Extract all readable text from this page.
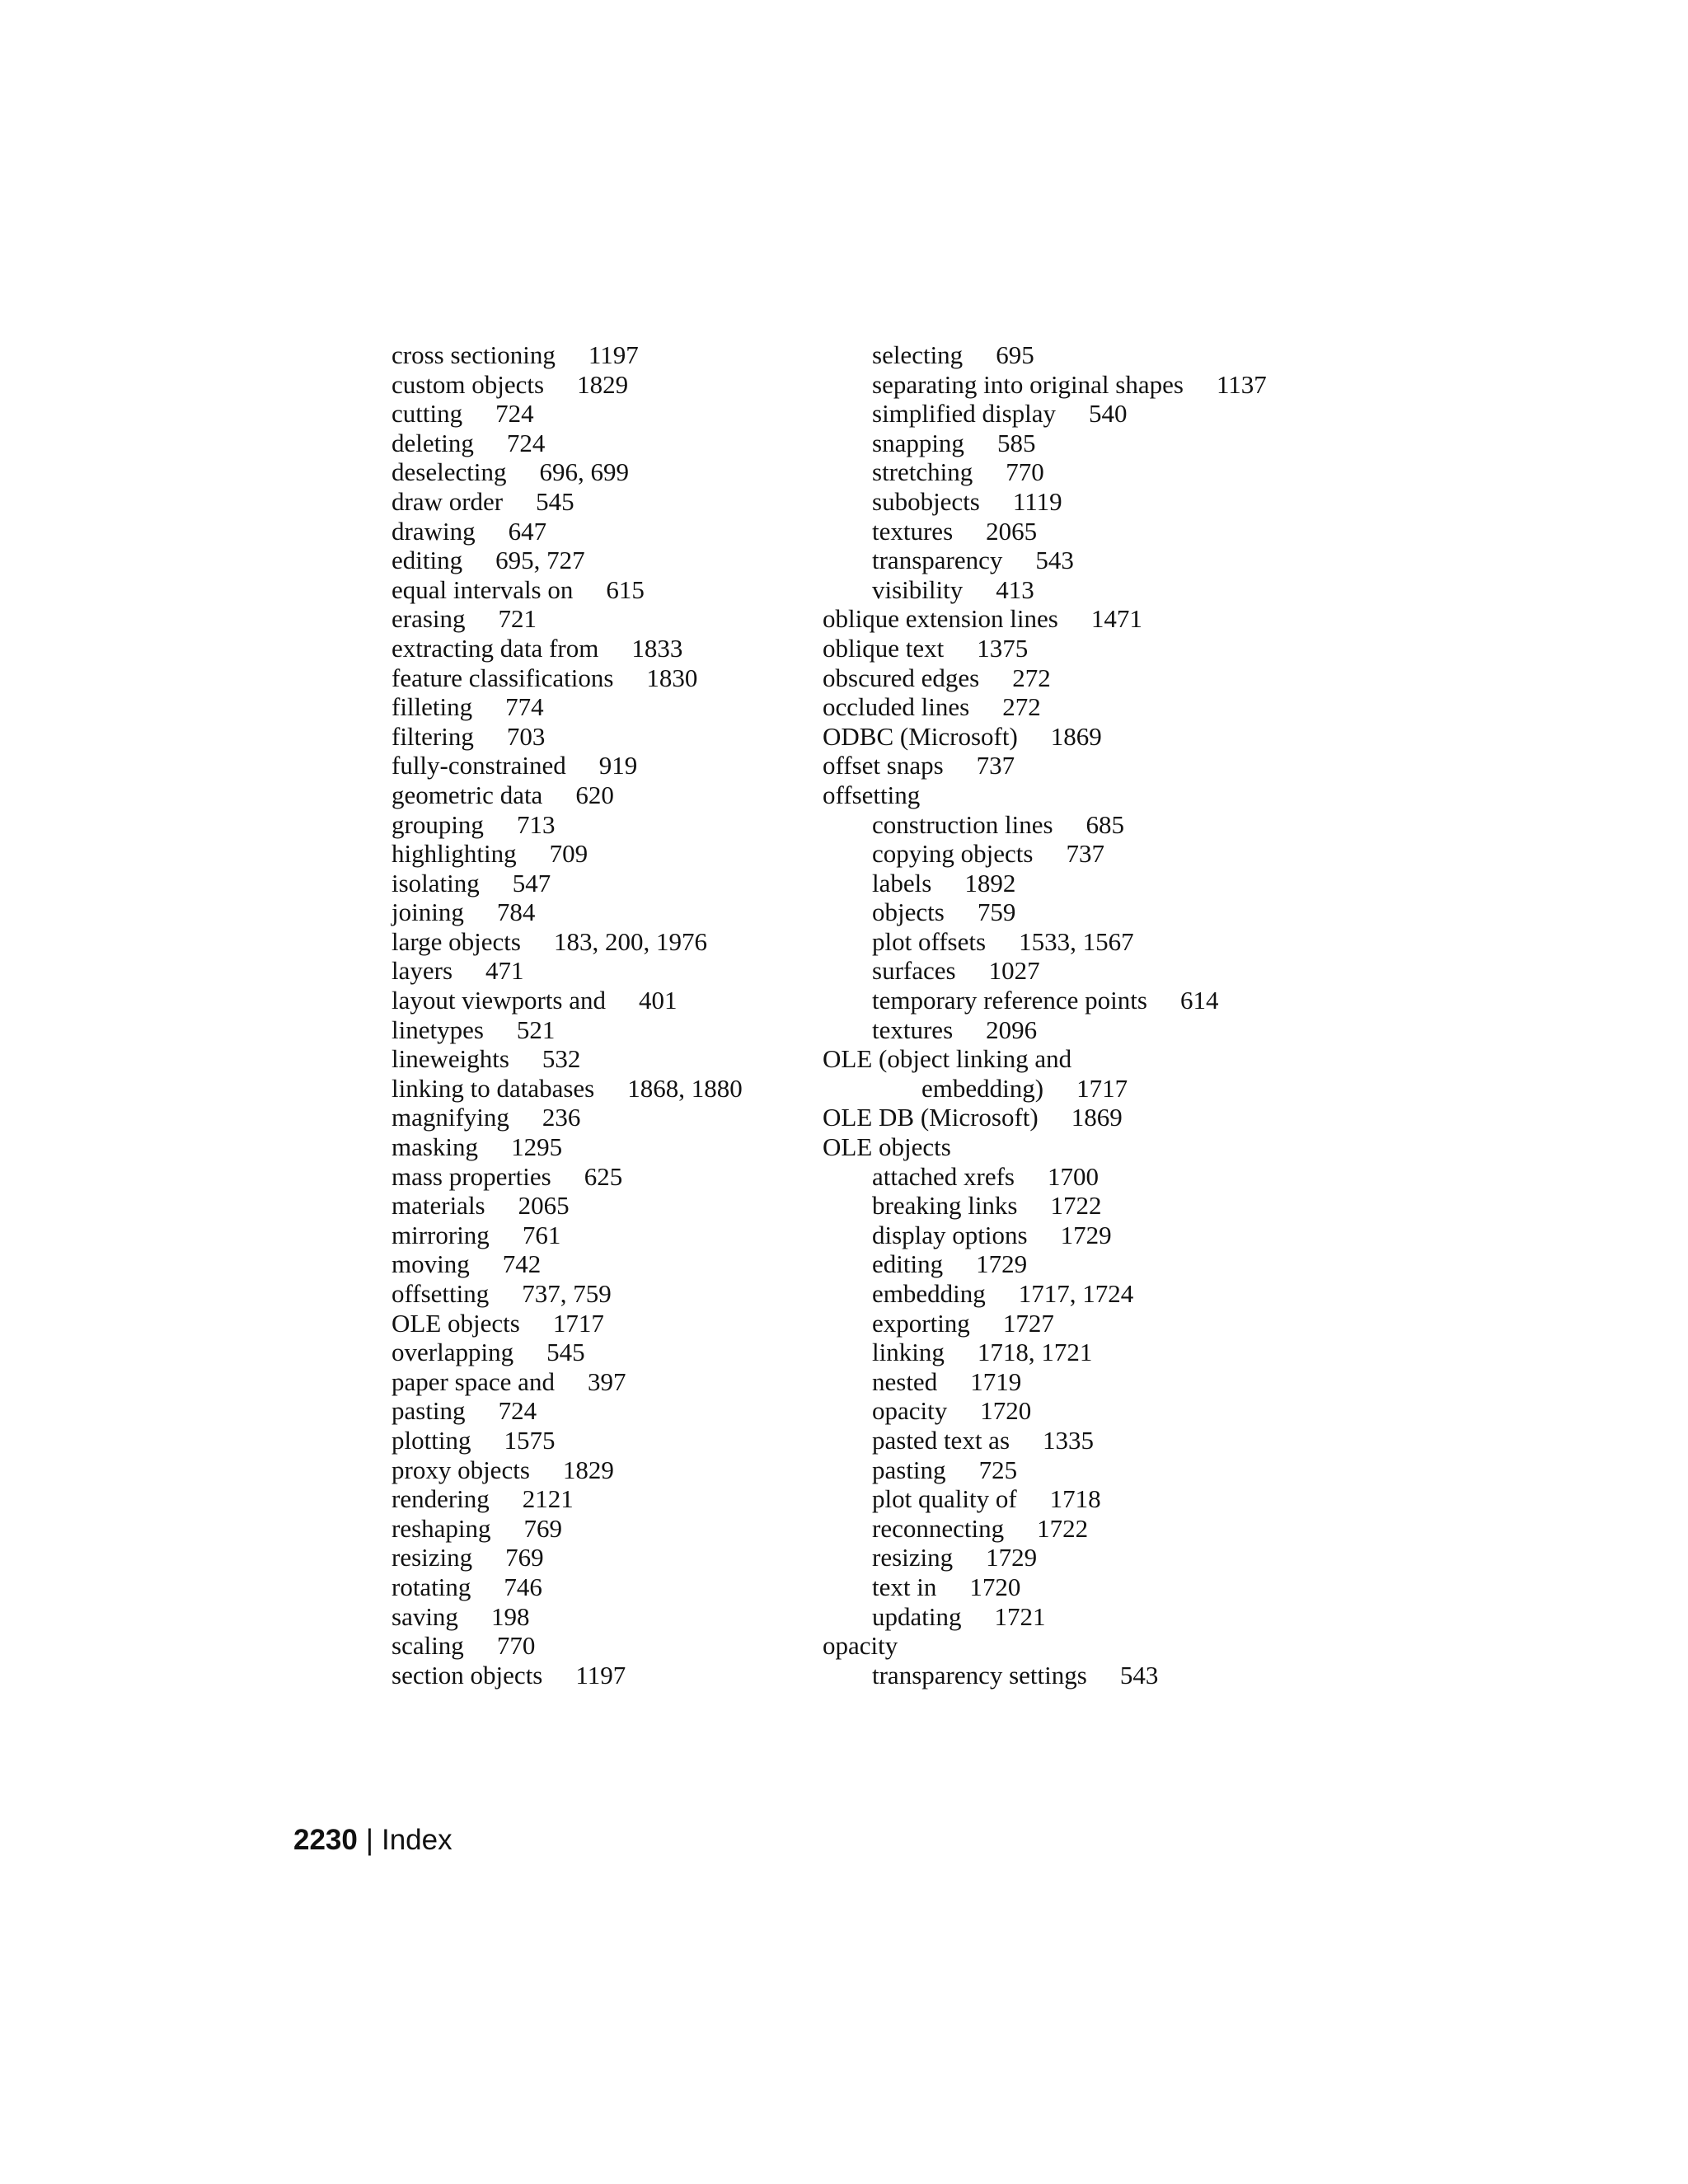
cross sectioning 1197
custom objects 1829
cutting 724
deleting 724
deselecting 696, 699
draw order 545
drawing 647
editing 695, 727
equal intervals on 615
erasing 721
extracting data from 1833
feature classifications 1830
filleting 774
filtering 703
fully-constrained 919
geometric data 620
grouping 713
highlighting 709
isolating 547
joining 784
large objects 183, 200, 1976
layers 471
layout viewports and 401
linetypes 521
lineweights 532
linking to databases 1868, 1880
magnifying 236
masking 1295
mass properties 625
materials 2065
mirroring 761
moving 742
offsetting 737, 759
OLE objects 1717
overlapping 545
paper space and 397
pasting 724
plotting 1575
proxy objects 1829
rendering 2121
reshaping 769
resizing 769
rotating 746
saving 198
scaling 770
section objects 1197
selecting 695
separating into original shapes 1137
simplified display 540
snapping 585
stretching 770
subobjects 1119
textures 2065
transparency 543
visibility 413
oblique extension lines 1471
oblique text 1375
obscured edges 272
occluded lines 272
ODBC (Microsoft) 1869
offset snaps 737
offsetting
construction lines 685
copying objects 737
labels 1892
objects 759
plot offsets 1533, 1567
surfaces 1027
temporary reference points 614
textures 2096
OLE (object linking and
embedding) 1717
OLE DB (Microsoft) 1869
OLE objects
attached xrefs 1700
breaking links 1722
display options 1729
editing 1729
embedding 1717, 1724
exporting 1727
linking 1718, 1721
nested 1719
opacity 1720
pasted text as 1335
pasting 725
plot quality of 1718
reconnecting 1722
resizing 1729
text in 1720
updating 1721
opacity
transparency settings 543
2230 | Index
